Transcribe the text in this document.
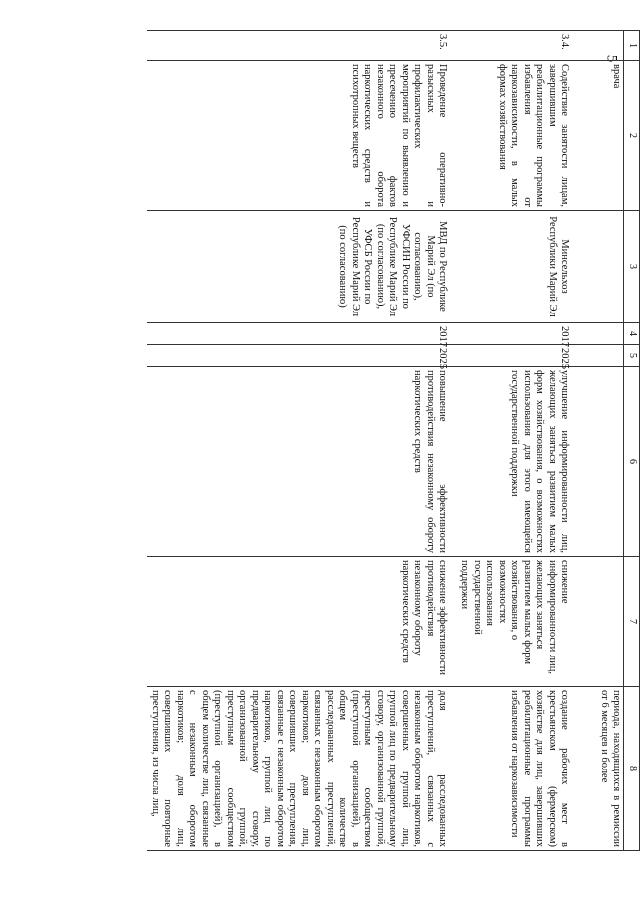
5
1	2	3	4	5	6	7	8
	врача						периода, находящихся в ремиссии от 6 месяцев и более
3.4.	Содействие занятости лицам, завершившим реабилитационные программы избавления от наркозависимости, в малых формах хозяйствования	Минсельхоз Республики Марий Эл	2017	2025	улучшение информированности лиц, желающих заняться развитием малых форм хозяйствования, о возможностях использования для этого имеющейся государственной поддержки	снижение информированности лиц, желающих заняться развитием малых форм хозяйствования, о возможностях использования государственной поддержки	создание рабочих мест в крестьянском (фермерском) хозяйстве для лиц, завершивших реабилитационные программы избавления от наркозависимости
3.5.	Проведение оперативно-разыскных и профилактических мероприятий по выявлению и пресечению фактов незаконного оборота наркотических средств и психотропных веществ	МВД по Республике Марий Эл (по согласованию), УФСИН России по Республике Марий Эл (по согласованию), УФСБ России по Республике Марий Эл (по согласованию)	2017	2025	повышение эффективности противодействия незаконному обороту наркотических средств	снижение эффективности противодействия незаконному обороту наркотических средств	доля расследованных преступлений, связанных с незаконным оборотом наркотиков, совершенных группой лиц, группой лиц по предварительному сговору, организованной группой, преступным сообществом (преступной организацией), в общем количестве расследованных преступлений, связанных с незаконным оборотом наркотиков; доля лиц, совершивших преступления, связанные с незаконным оборотом наркотиков, группой лиц по предварительному сговору, организованной группой, преступным сообществом (преступной организацией), в общем количестве лиц, связанные с незаконным оборотом наркотиков; доля лиц, совершивших повторные преступления, из числа лиц,
